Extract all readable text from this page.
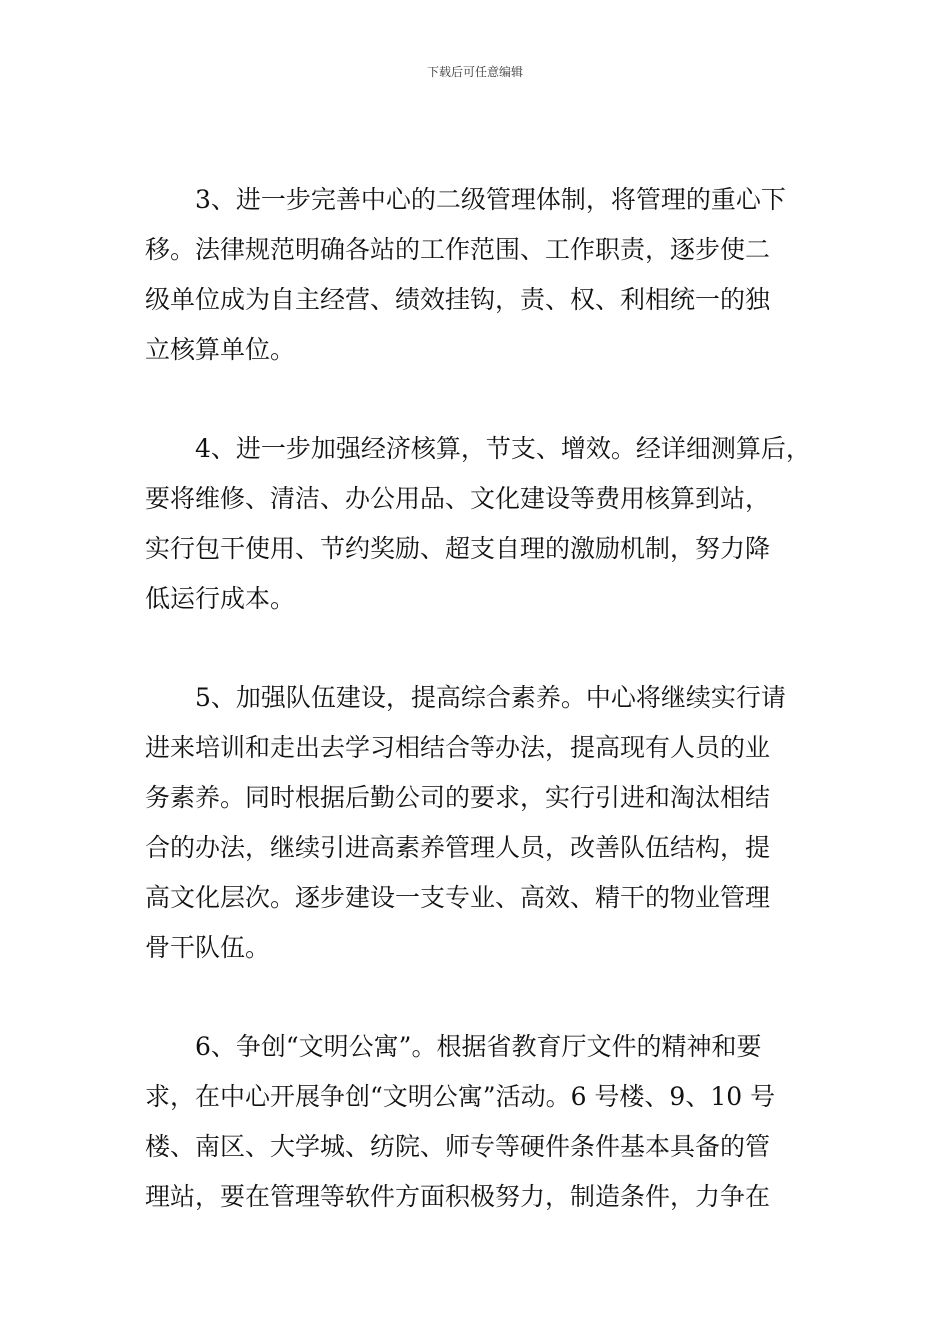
下载后可任意编辑
3、进一步完善中心的二级管理体制，将管理的重心下
移。法律规范明确各站的工作范围、工作职责，逐步使二
级单位成为自主经营、绩效挂钩，责、权、利相统一的独
立核算单位。
4、进一步加强经济核算，节支、增效。经详细测算后，
要将维修、清洁、办公用品、文化建设等费用核算到站，
实行包干使用、节约奖励、超支自理的激励机制，努力降
低运行成本。
5、加强队伍建设，提高综合素养。中心将继续实行请
进来培训和走出去学习相结合等办法，提高现有人员的业
务素养。同时根据后勤公司的要求，实行引进和淘汰相结
合的办法，继续引进高素养管理人员，改善队伍结构，提
高文化层次。逐步建设一支专业、高效、精干的物业管理
骨干队伍。
6、争创“文明公寓”。根据省教育厅文件的精神和要
求，在中心开展争创“文明公寓”活动。6 号楼、9、10 号
楼、南区、大学城、纺院、师专等硬件条件基本具备的管
理站，要在管理等软件方面积极努力，制造条件，力争在
